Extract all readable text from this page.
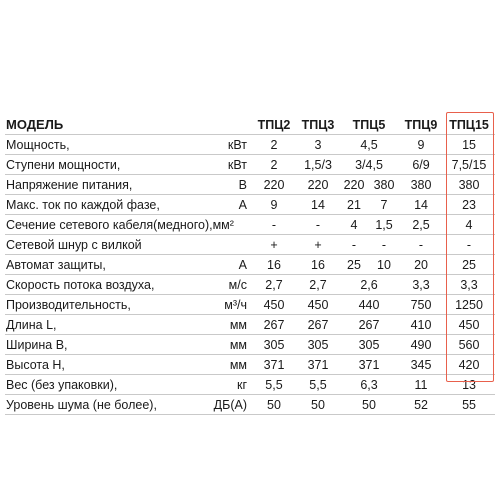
МОДЕЛЬ	ТПЦ2	ТПЦ3	ТПЦ5		ТПЦ9	ТПЦ15

Мощность, кВт	2	3	4,5		9	15

Ступени мощности, кВт	2	1,5/3	3/4,5		6/9	7,5/15

Напряжение питания, В	220	220	220	380	380	380

Макс. ток по каждой фазе, А	9	14	21	7	14	23

Сечение сетевого кабеля(медного),мм²	-	-	4	1,5	2,5	4

Сетевой шнур с вилкой	+	+	-	-	-	-

Автомат защиты, А	16	16	25	10	20	25

Скорость потока воздуха, м/с	2,7	2,7	2,6		3,3	3,3

Производительность, м³/ч	450	450	440		750	1250

Длина L, мм	267	267	267		410	450

Ширина B, мм	305	305	305		490	560

Высота H, мм	371	371	371		345	420

Вес (без упаковки), кг	5,5	5,5	6,3		11	13

Уровень шума (не более), ДБ(А)	50	50	50		52	55
